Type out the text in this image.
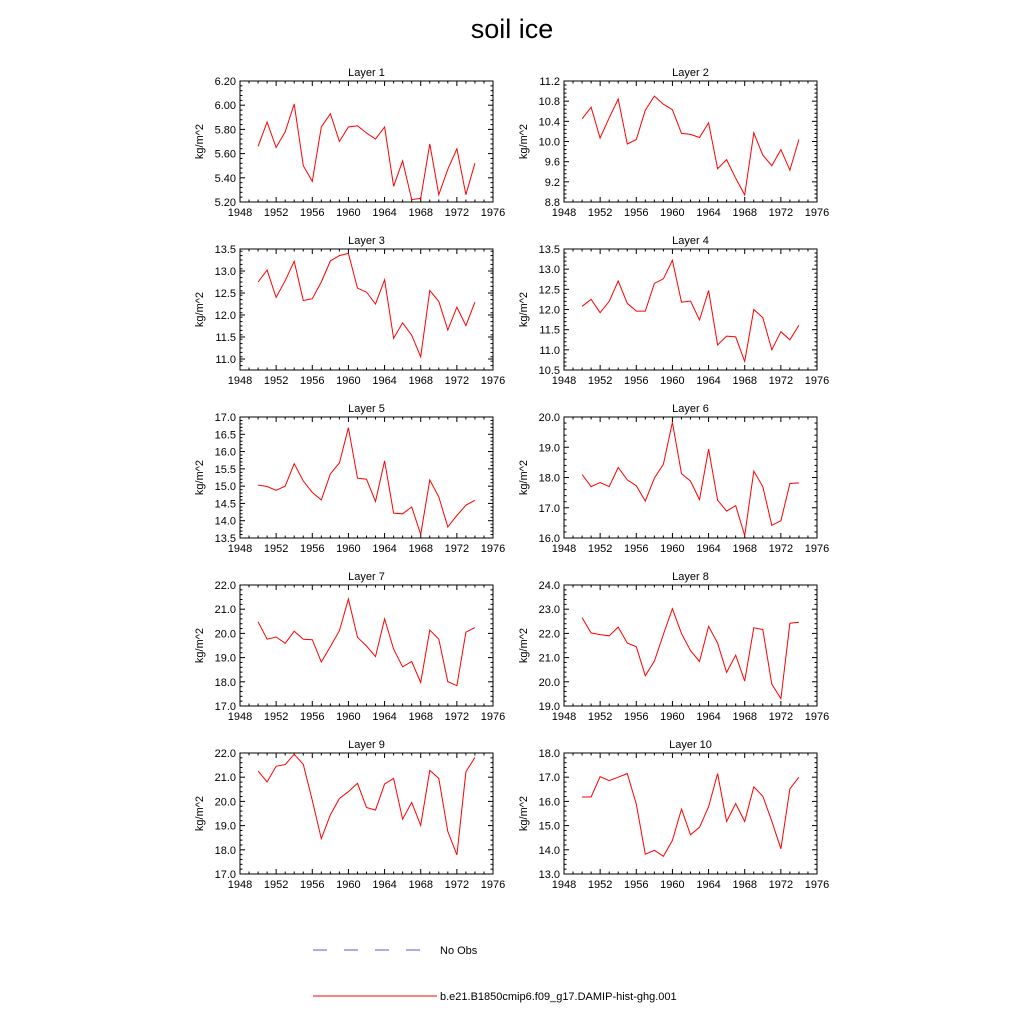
soil ice
Layer 1
1948 1952 1956 1960 1964 1968 1972 1976
5.20
5.40
5.60
5.80
6.00
6.20
kg/m^2
Layer 2
1948 1952 1956 1960 1964 1968 1972 1976
8.8
9.2
9.6
10.0
10.4
10.8
11.2
kg/m^2
Layer 3
1948 1952 1956 1960 1964 1968 1972 1976
11.0
11.5
12.0
12.5
13.0
13.5
kg/m^2
Layer 4
1948 1952 1956 1960 1964 1968 1972 1976
10.5
11.0
11.5
12.0
12.5
13.0
13.5
kg/m^2
Layer 5
1948 1952 1956 1960 1964 1968 1972 1976
13.5
14.0
14.5
15.0
15.5
16.0
16.5
17.0
kg/m^2
Layer 6
1948 1952 1956 1960 1964 1968 1972 1976
16.0
17.0
18.0
19.0
20.0
kg/m^2
Layer 7
1948 1952 1956 1960 1964 1968 1972 1976
17.0
18.0
19.0
20.0
21.0
22.0
kg/m^2
Layer 8
1948 1952 1956 1960 1964 1968 1972 1976
19.0
20.0
21.0
22.0
23.0
24.0
kg/m^2
Layer 9
1948 1952 1956 1960 1964 1968 1972 1976
17.0
18.0
19.0
20.0
21.0
22.0
kg/m^2
Layer 10
1948 1952 1956 1960 1964 1968 1972 1976
13.0
14.0
15.0
16.0
17.0
18.0
kg/m^2
No Obs
b.e21.B1850cmip6.f09_g17.DAMIP-hist-ghg.001
